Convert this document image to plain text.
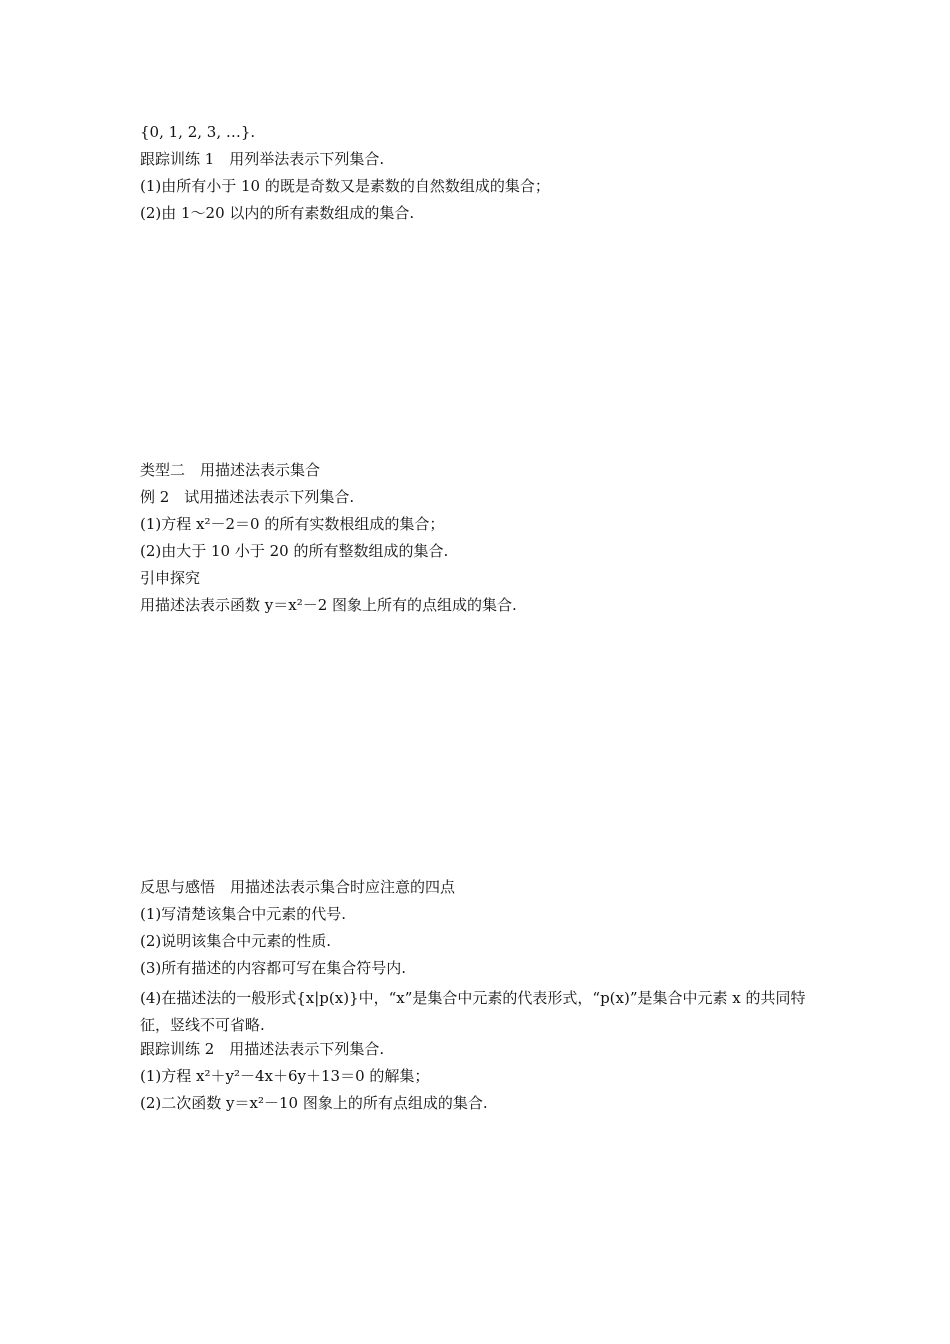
{0, 1, 2, 3, …}.
跟踪训练 1　用列举法表示下列集合.
(1)由所有小于 10 的既是奇数又是素数的自然数组成的集合；
(2)由 1～20 以内的所有素数组成的集合.
类型二　用描述法表示集合
例 2　试用描述法表示下列集合.
(1)方程 x²－2＝0 的所有实数根组成的集合；
(2)由大于 10 小于 20 的所有整数组成的集合.
引申探究
用描述法表示函数 y＝x²－2 图象上所有的点组成的集合.
反思与感悟　用描述法表示集合时应注意的四点
(1)写清楚该集合中元素的代号.
(2)说明该集合中元素的性质.
(3)所有描述的内容都可写在集合符号内.
(4)在描述法的一般形式{x|p(x)}中，“x”是集合中元素的代表形式，“p(x)”是集合中元素 x 的共同特征，竖线不可省略.
跟踪训练 2　用描述法表示下列集合.
(1)方程 x²＋y²－4x＋6y＋13＝0 的解集；
(2)二次函数 y＝x²－10 图象上的所有点组成的集合.
